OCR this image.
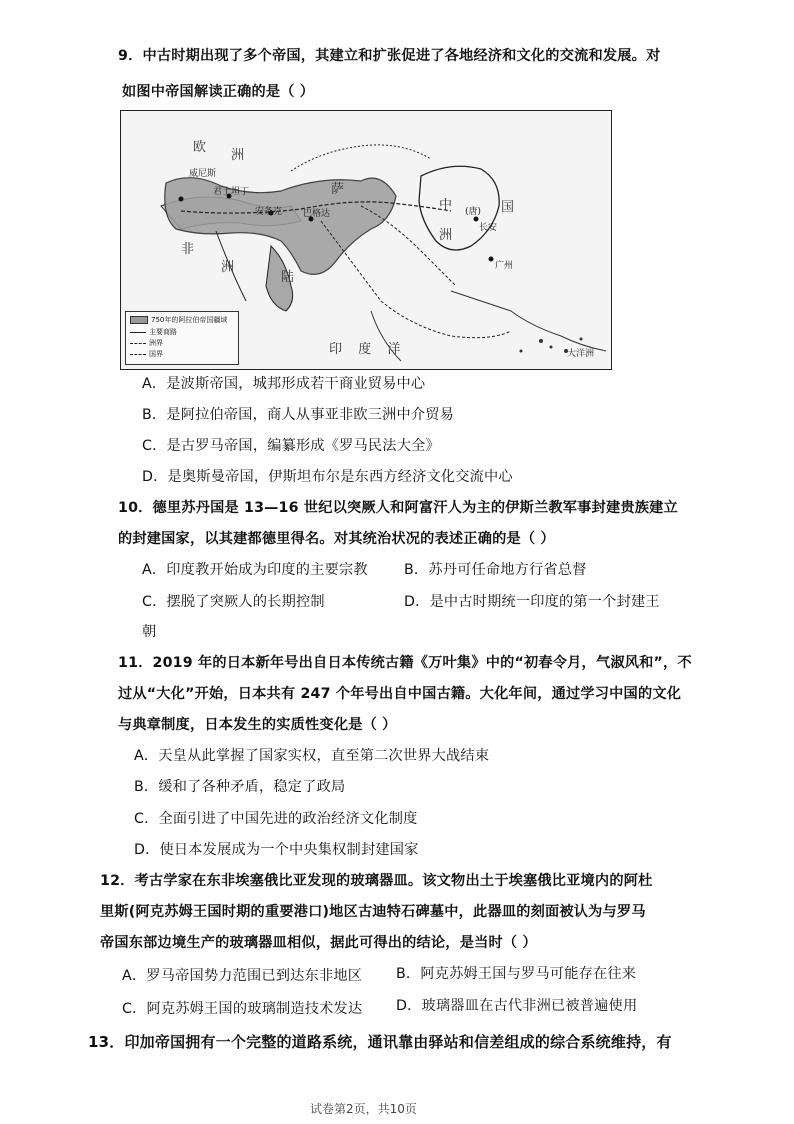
9．中古时期出现了多个帝国，其建立和扩张促进了各地经济和文化的交流和发展。对
如图中帝国解读正确的是（ ）
欧
洲
威尼斯
君士坦丁
安条克 巴格达
萨
陆
非
洲
中	国
洲
(唐)
长安
广州
印 度 洋	大洋洲
750年的阿拉伯帝国疆域
主要商路
洲界
国界
A．是波斯帝国，城邦形成若干商业贸易中心
B．是阿拉伯帝国，商人从事亚非欧三洲中介贸易
C．是古罗马帝国，编纂形成《罗马民法大全》
D．是奥斯曼帝国，伊斯坦布尔是东西方经济文化交流中心
10．德里苏丹国是 13—16 世纪以突厥人和阿富汗人为主的伊斯兰教军事封建贵族建立
的封建国家，以其建都德里得名。对其统治状况的表述正确的是（ ）
A．印度教开始成为印度的主要宗教	B．苏丹可任命地方行省总督
C．摆脱了突厥人的长期控制	D．是中古时期统一印度的第一个封建王
朝
11．2019 年的日本新年号出自日本传统古籍《万叶集》中的“初春令月，气淑风和”，不
过从“大化”开始，日本共有 247 个年号出自中国古籍。大化年间，通过学习中国的文化
与典章制度，日本发生的实质性变化是（ ）
A．天皇从此掌握了国家实权，直至第二次世界大战结束
B．缓和了各种矛盾，稳定了政局
C．全面引进了中国先进的政治经济文化制度
D．使日本发展成为一个中央集权制封建国家
12．考古学家在东非埃塞俄比亚发现的玻璃器皿。该文物出土于埃塞俄比亚境内的阿杜
里斯(阿克苏姆王国时期的重要港口)地区古迪特石碑墓中，此器皿的刻面被认为与罗马
帝国东部边境生产的玻璃器皿相似，据此可得出的结论，是当时（ ）
A．罗马帝国势力范围已到达东非地区 B．阿克苏姆王国与罗马可能存在往来
C．阿克苏姆王国的玻璃制造技术发达 D．玻璃器皿在古代非洲已被普遍使用
13．印加帝国拥有一个完整的道路系统，通讯靠由驿站和信差组成的综合系统维持，有
试卷第2页，共10页
